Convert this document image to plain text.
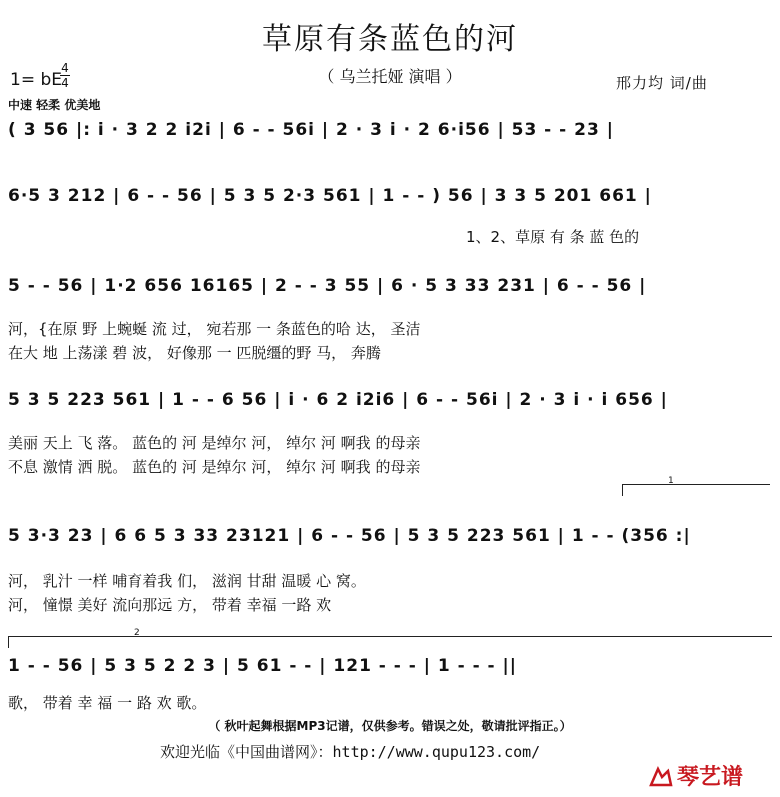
草原有条蓝色的河
（ 乌兰托娅 演唱 ）
1= bE
4
4	邢力均 词/曲
中速 轻柔 优美地
( 3 56 |: i · 3 2 2 i2i | 6 - - 56i | 2 · 3 i · 2 6·i56 | 53 - - 23 |
6·5 3 212 | 6 - - 56 | 5 3 5 2·3 561 | 1 - - ) 56 | 3 3 5 201 661 |
1、2、草原 有 条 蓝 色的
5 - - 56 | 1·2 656 16165 | 2 - - 3 55 | 6 · 5 3 33 231 | 6 - - 56 |
河，{在原 野 上蜿蜒 流 过， 宛若那 一 条蓝色的哈 达， 圣洁
在大 地 上荡漾 碧 波， 好像那 一 匹脱缰的野 马， 奔腾
5 3 5 223 561 | 1 - - 6 56 | i · 6 2 i2i6 | 6 - - 56i | 2 · 3 i · i 656 |
美丽 天上 飞 落。 蓝色的 河 是绰尔 河， 绰尔 河 啊我 的母亲
不息 激情 洒 脱。 蓝色的 河 是绰尔 河， 绰尔 河 啊我 的母亲
1
5 3·3 23 | 6 6 5 3 33 23121 | 6 - - 56 | 5 3 5 223 561 | 1 - - (356 :|
河， 乳汁 一样 哺育着我 们， 滋润 甘甜 温暖 心 窝。
河， 憧憬 美好 流向那远 方， 带着 幸福 一路 欢
2
1 - - 56 | 5 3 5 2 2 3 | 5 61 - - | 121 - - - | 1 - - - ||
歌， 带着 幸 福 一 路 欢 歌。
（ 秋叶起舞根据MP3记谱，仅供参考。错误之处，敬请批评指正。）
欢迎光临《中国曲谱网》：http://www.qupu123.com/
琴艺谱
